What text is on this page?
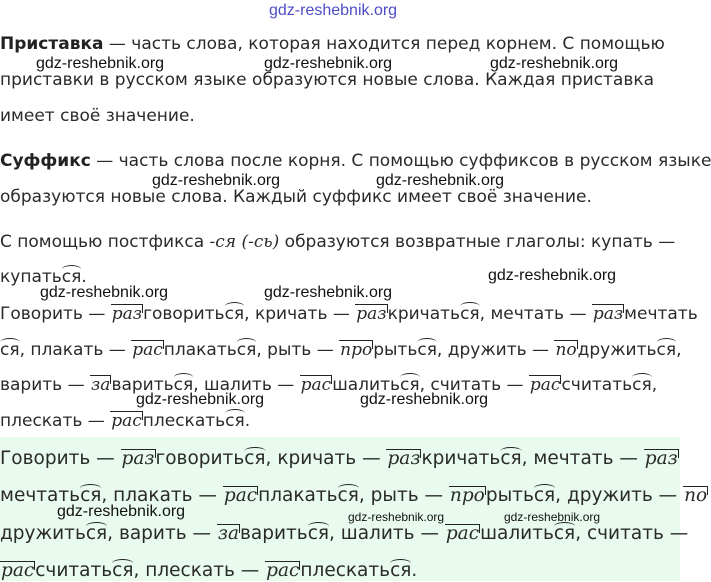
gdz-reshebnik.org
Приставка — часть слова, которая находится перед корнем. С помощью
приставки в русском языке образуются новые слова. Каждая приставка
имеет своё значение.
Суффикс — часть слова после корня. С помощью суффиксов в русском языке
образуются новые слова. Каждый суффикс имеет своё значение.
С помощью постфикса -ся (-сь) образуются возвратные глаголы: купать —
купаться.
Говорить — разговориться, кричать — разкричаться, мечтать — размечтать
ся, плакать — расплакаться, рыть — прорыться, дружить — подружиться,
варить — завариться, шалить — расшалиться, считать — рассчитаться,
плескать — расплескаться.
Говорить — разговориться, кричать — разкричаться, мечтать — раз
мечтаться, плакать — расплакаться, рыть — прорыться, дружить — по
дружиться, варить — завариться, шалить — расшалиться, считать —
рассчитаться, плескать — расплескаться.
gdz-reshebnik.org	gdz-reshebnik.org	gdz-reshebnik.org
gdz-reshebnik.org	gdz-reshebnik.org
gdz-reshebnik.org
gdz-reshebnik.org	gdz-reshebnik.org
gdz-reshebnik.org	gdz-reshebnik.org
gdz-reshebnik.org	gdz-reshebnik.org	gdz-reshebnik.org
